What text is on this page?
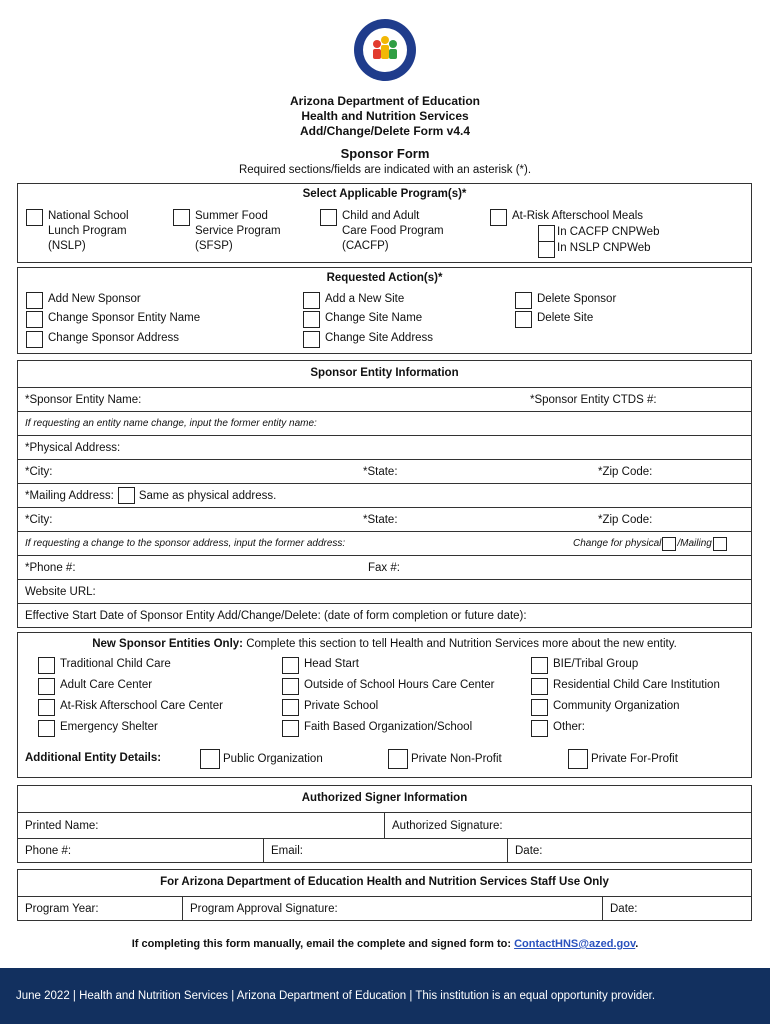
Arizona Department of Education
Health and Nutrition Services
Add/Change/Delete Form v4.4
Sponsor Form
Required sections/fields are indicated with an asterisk (*).
Select Applicable Program(s)*
National School
Lunch Program
(NSLP)
Summer Food
Service Program
(SFSP)
Child and Adult
Care Food Program
(CACFP)
At-Risk Afterschool Meals
In CACFP CNPWeb
In NSLP CNPWeb
Requested Action(s)*
Add New Sponsor
Change Sponsor Entity Name
Change Sponsor Address
Add a New Site
Change Site Name
Change Site Address
Delete Sponsor
Delete Site
Sponsor Entity Information
*Sponsor Entity Name:	*Sponsor Entity CTDS #:
If requesting an entity name change, input the former entity name:
*Physical Address:
*City:	*State:	*Zip Code:
*Mailing Address: Same as physical address.
*City:	*State:	*Zip Code:
If requesting a change to the sponsor address, input the former address:	Change for physical /Mailing
*Phone #:	Fax #:
Website URL:
Effective Start Date of Sponsor Entity Add/Change/Delete: (date of form completion or future date):
New Sponsor Entities Only: Complete this section to tell Health and Nutrition Services more about the new entity.
Traditional Child Care
Adult Care Center
At-Risk Afterschool Care Center
Emergency Shelter
Head Start
Outside of School Hours Care Center
Private School
Faith Based Organization/School
BIE/Tribal Group
Residential Child Care Institution
Community Organization
Other:
Additional Entity Details:	Public Organization	Private Non-Profit	Private For-Profit
Authorized Signer Information
Printed Name:	Authorized Signature:
Phone #:	Email:	Date:
For Arizona Department of Education Health and Nutrition Services Staff Use Only
Program Year:	Program Approval Signature:	Date:
If completing this form manually, email the complete and signed form to: ContactHNS@azed.gov.
June 2022 | Health and Nutrition Services | Arizona Department of Education | This institution is an equal opportunity provider.
